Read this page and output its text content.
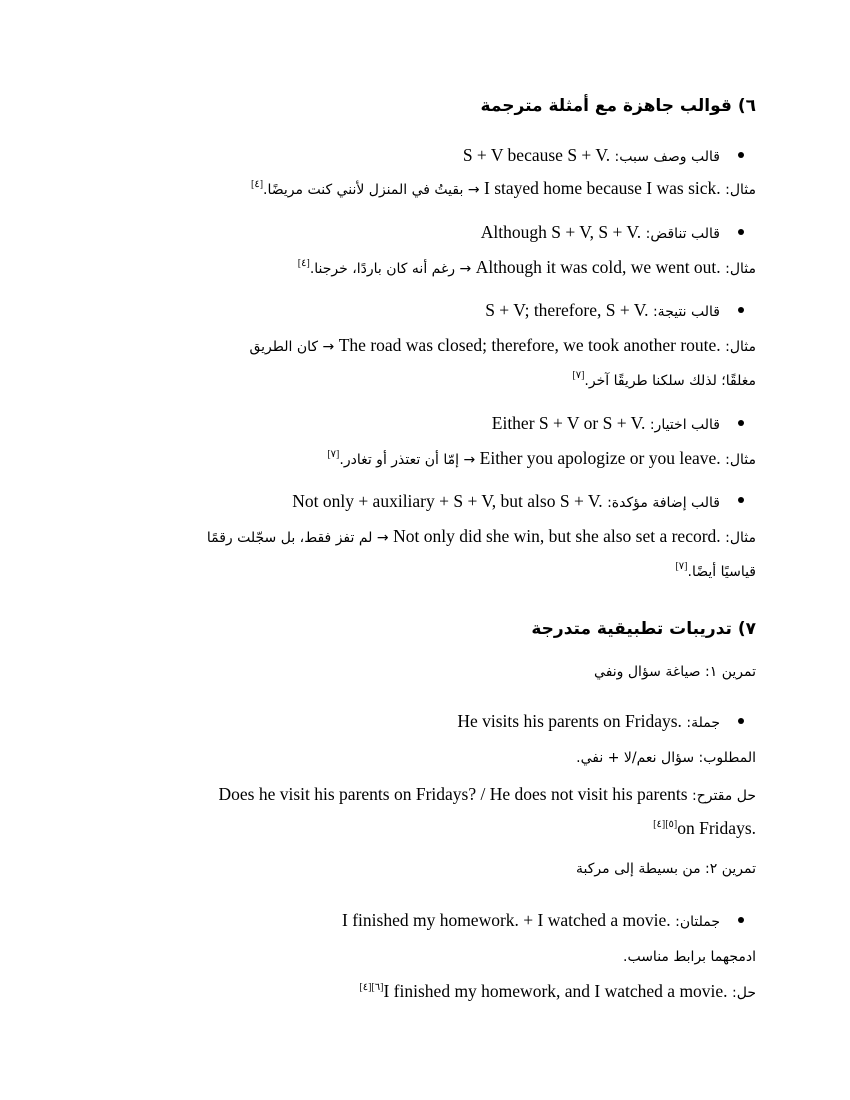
٦) قوالب جاهزة مع أمثلة مترجمة
قالب وصف سبب: S + V because S + V.
مثال: I stayed home because I was sick. → بقيتُ في المنزل لأنني كنت مريضًا.[٤]
قالب تناقض: Although S + V, S + V.
مثال: Although it was cold, we went out. → رغم أنه كان باردًا، خرجنا.[٤]
قالب نتيجة: S + V; therefore, S + V.
مثال: The road was closed; therefore, we took another route. → كان الطريق
مغلقًا؛ لذلك سلكنا طريقًا آخر.[٧]
قالب اختيار: Either S + V or S + V.
مثال: Either you apologize or you leave. → إمّا أن تعتذر أو تغادر.[٧]
قالب إضافة مؤكدة: Not only + auxiliary + S + V, but also S + V.
مثال: Not only did she win, but she also set a record. → لم تفز فقط، بل سجّلت رقمًا
قياسيًا أيضًا.[٧]
٧) تدريبات تطبيقية متدرجة
تمرين ١: صياغة سؤال ونفي
جملة: He visits his parents on Fridays.
المطلوب: سؤال نعم/لا + نفي.
حل مقترح: Does he visit his parents on Fridays? / He does not visit his parents
on Fridays.[٥][٤]
تمرين ٢: من بسيطة إلى مركبة
جملتان: I finished my homework. + I watched a movie.
ادمجهما برابط مناسب.
حل: I finished my homework, and I watched a movie.[٦][٤]
